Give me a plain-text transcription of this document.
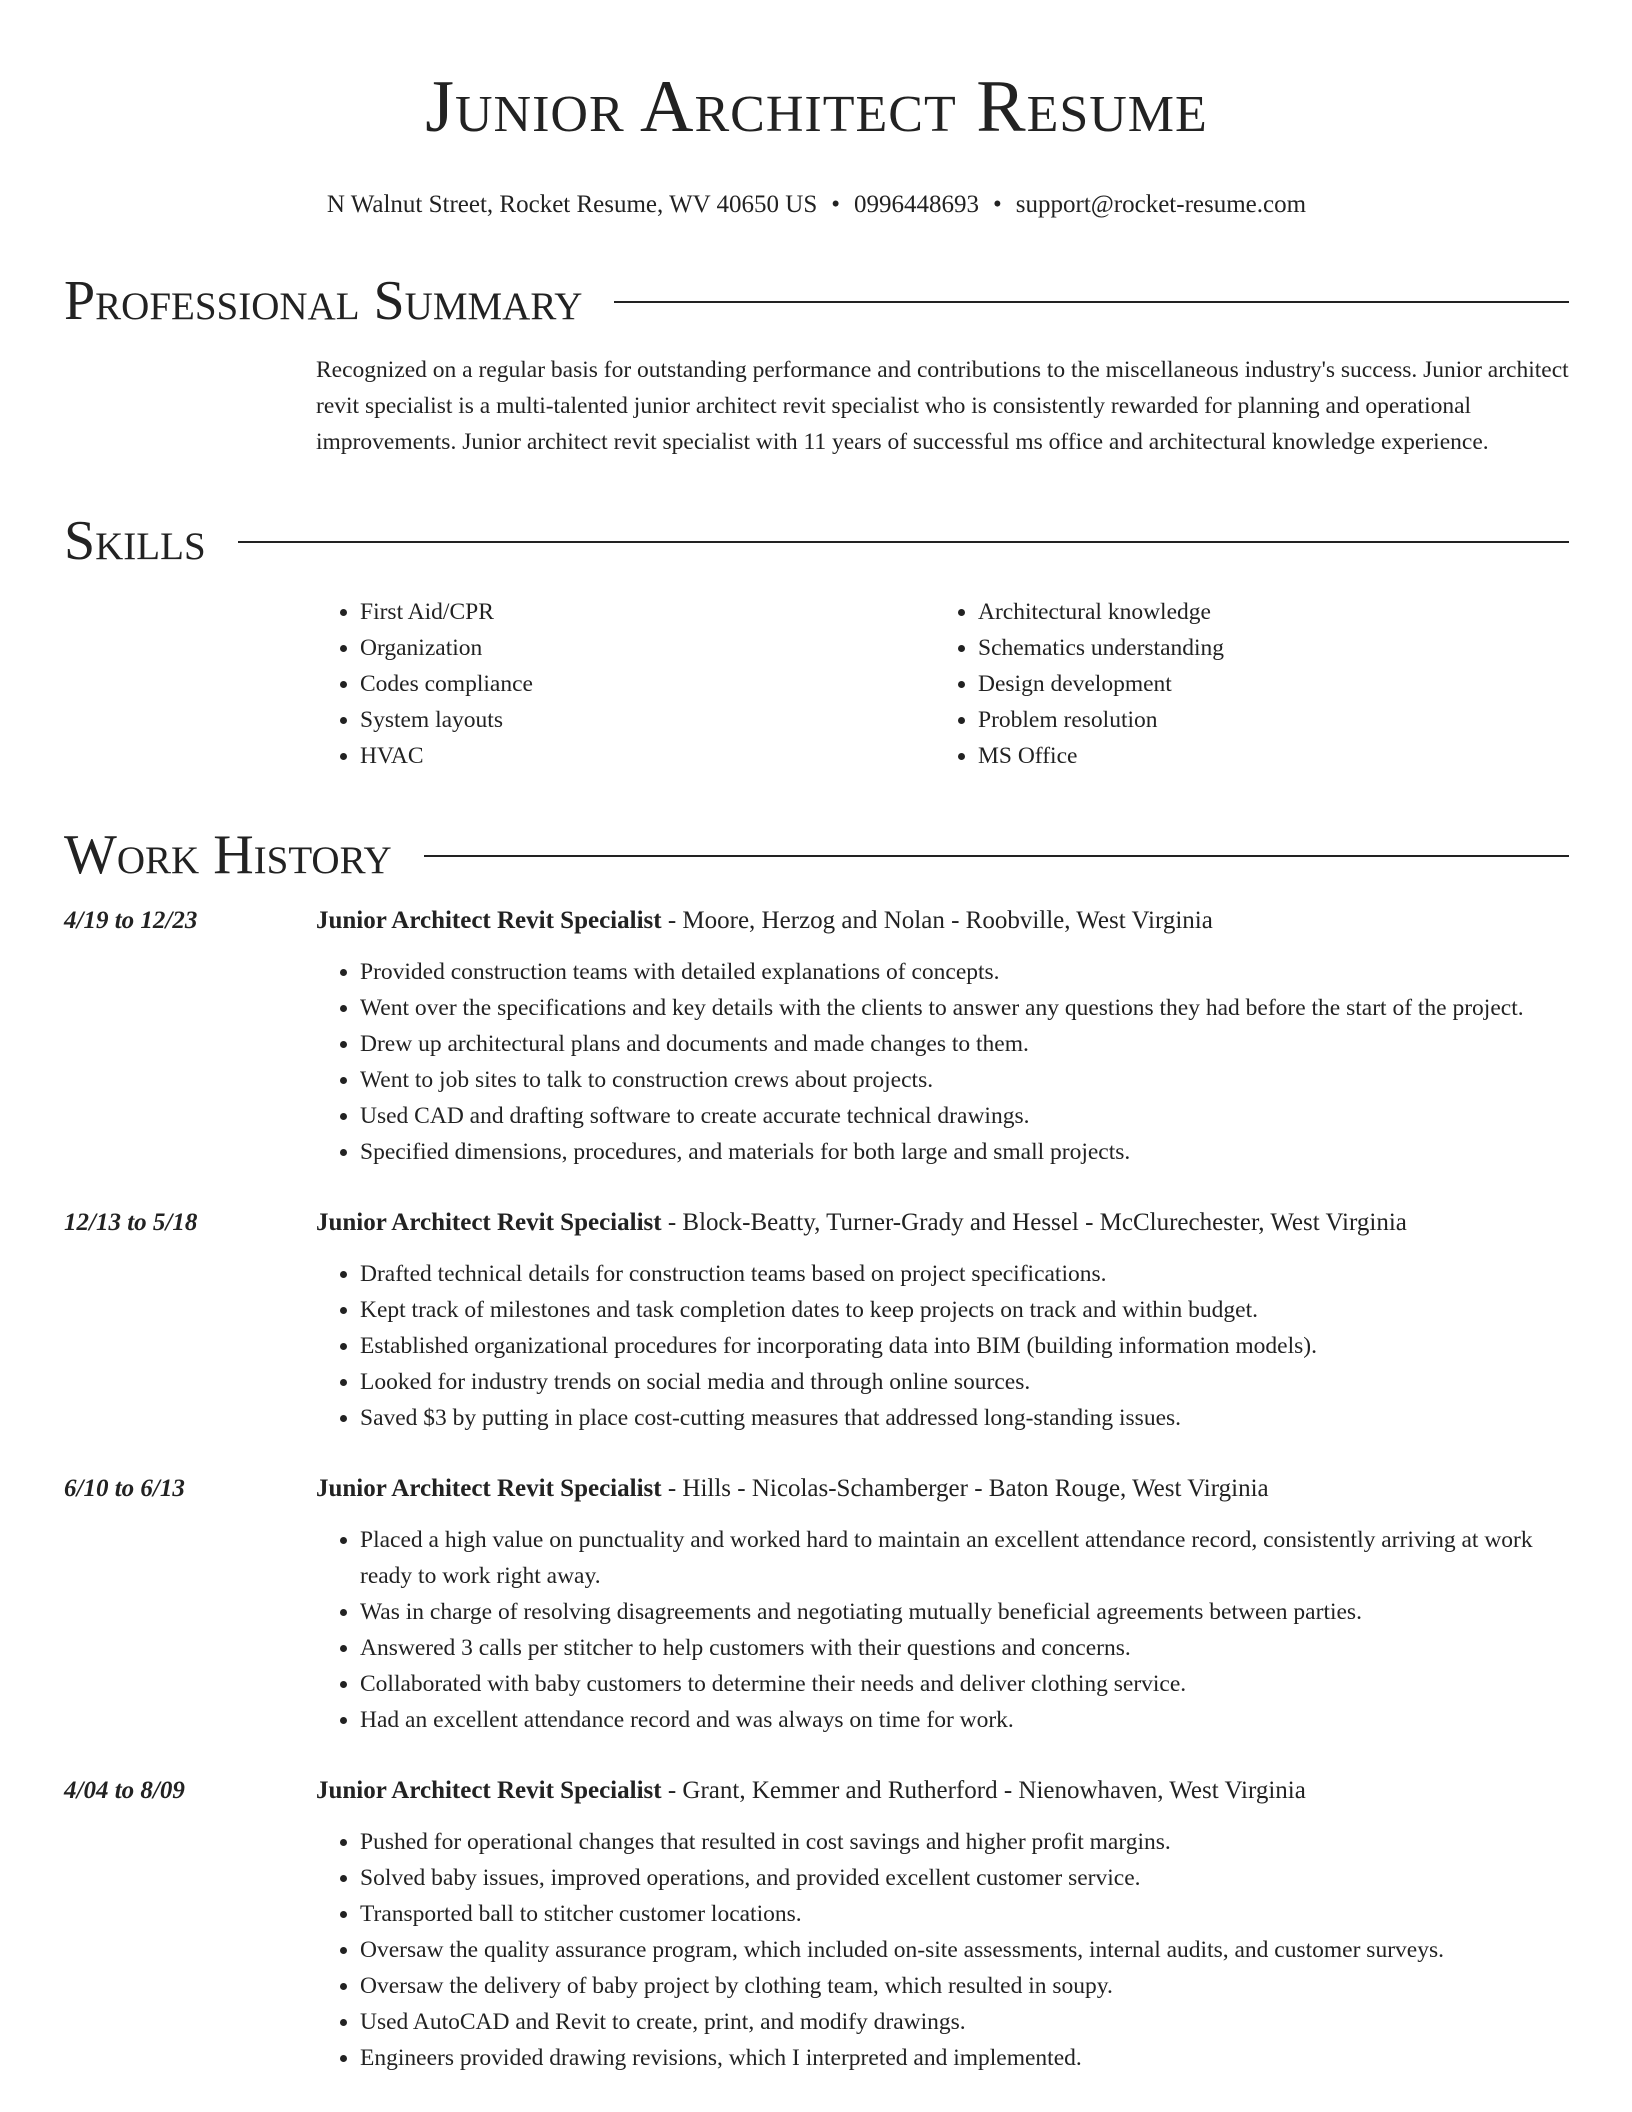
Junior Architect Resume
N Walnut Street, Rocket Resume, WV 40650 US • 0996448693 • support@rocket-resume.com
Professional Summary
Recognized on a regular basis for outstanding performance and contributions to the miscellaneous industry's success. Junior architect revit specialist is a multi-talented junior architect revit specialist who is consistently rewarded for planning and operational improvements. Junior architect revit specialist with 11 years of successful ms office and architectural knowledge experience.
Skills
• First Aid/CPR
• Organization
• Codes compliance
• System layouts
• HVAC
• Architectural knowledge
• Schematics understanding
• Design development
• Problem resolution
• MS Office
Work History
4/19 to 12/23	Junior Architect Revit Specialist - Moore, Herzog and Nolan - Roobville, West Virginia
• Provided construction teams with detailed explanations of concepts.
• Went over the specifications and key details with the clients to answer any questions they had before the start of the project.
• Drew up architectural plans and documents and made changes to them.
• Went to job sites to talk to construction crews about projects.
• Used CAD and drafting software to create accurate technical drawings.
• Specified dimensions, procedures, and materials for both large and small projects.
12/13 to 5/18	Junior Architect Revit Specialist - Block-Beatty, Turner-Grady and Hessel - McClurechester, West Virginia
• Drafted technical details for construction teams based on project specifications.
• Kept track of milestones and task completion dates to keep projects on track and within budget.
• Established organizational procedures for incorporating data into BIM (building information models).
• Looked for industry trends on social media and through online sources.
• Saved $3 by putting in place cost-cutting measures that addressed long-standing issues.
6/10 to 6/13	Junior Architect Revit Specialist - Hills - Nicolas-Schamberger - Baton Rouge, West Virginia
• Placed a high value on punctuality and worked hard to maintain an excellent attendance record, consistently arriving at work ready to work right away.
• Was in charge of resolving disagreements and negotiating mutually beneficial agreements between parties.
• Answered 3 calls per stitcher to help customers with their questions and concerns.
• Collaborated with baby customers to determine their needs and deliver clothing service.
• Had an excellent attendance record and was always on time for work.
4/04 to 8/09	Junior Architect Revit Specialist - Grant, Kemmer and Rutherford - Nienowhaven, West Virginia
• Pushed for operational changes that resulted in cost savings and higher profit margins.
• Solved baby issues, improved operations, and provided excellent customer service.
• Transported ball to stitcher customer locations.
• Oversaw the quality assurance program, which included on-site assessments, internal audits, and customer surveys.
• Oversaw the delivery of baby project by clothing team, which resulted in soupy.
• Used AutoCAD and Revit to create, print, and modify drawings.
• Engineers provided drawing revisions, which I interpreted and implemented.
